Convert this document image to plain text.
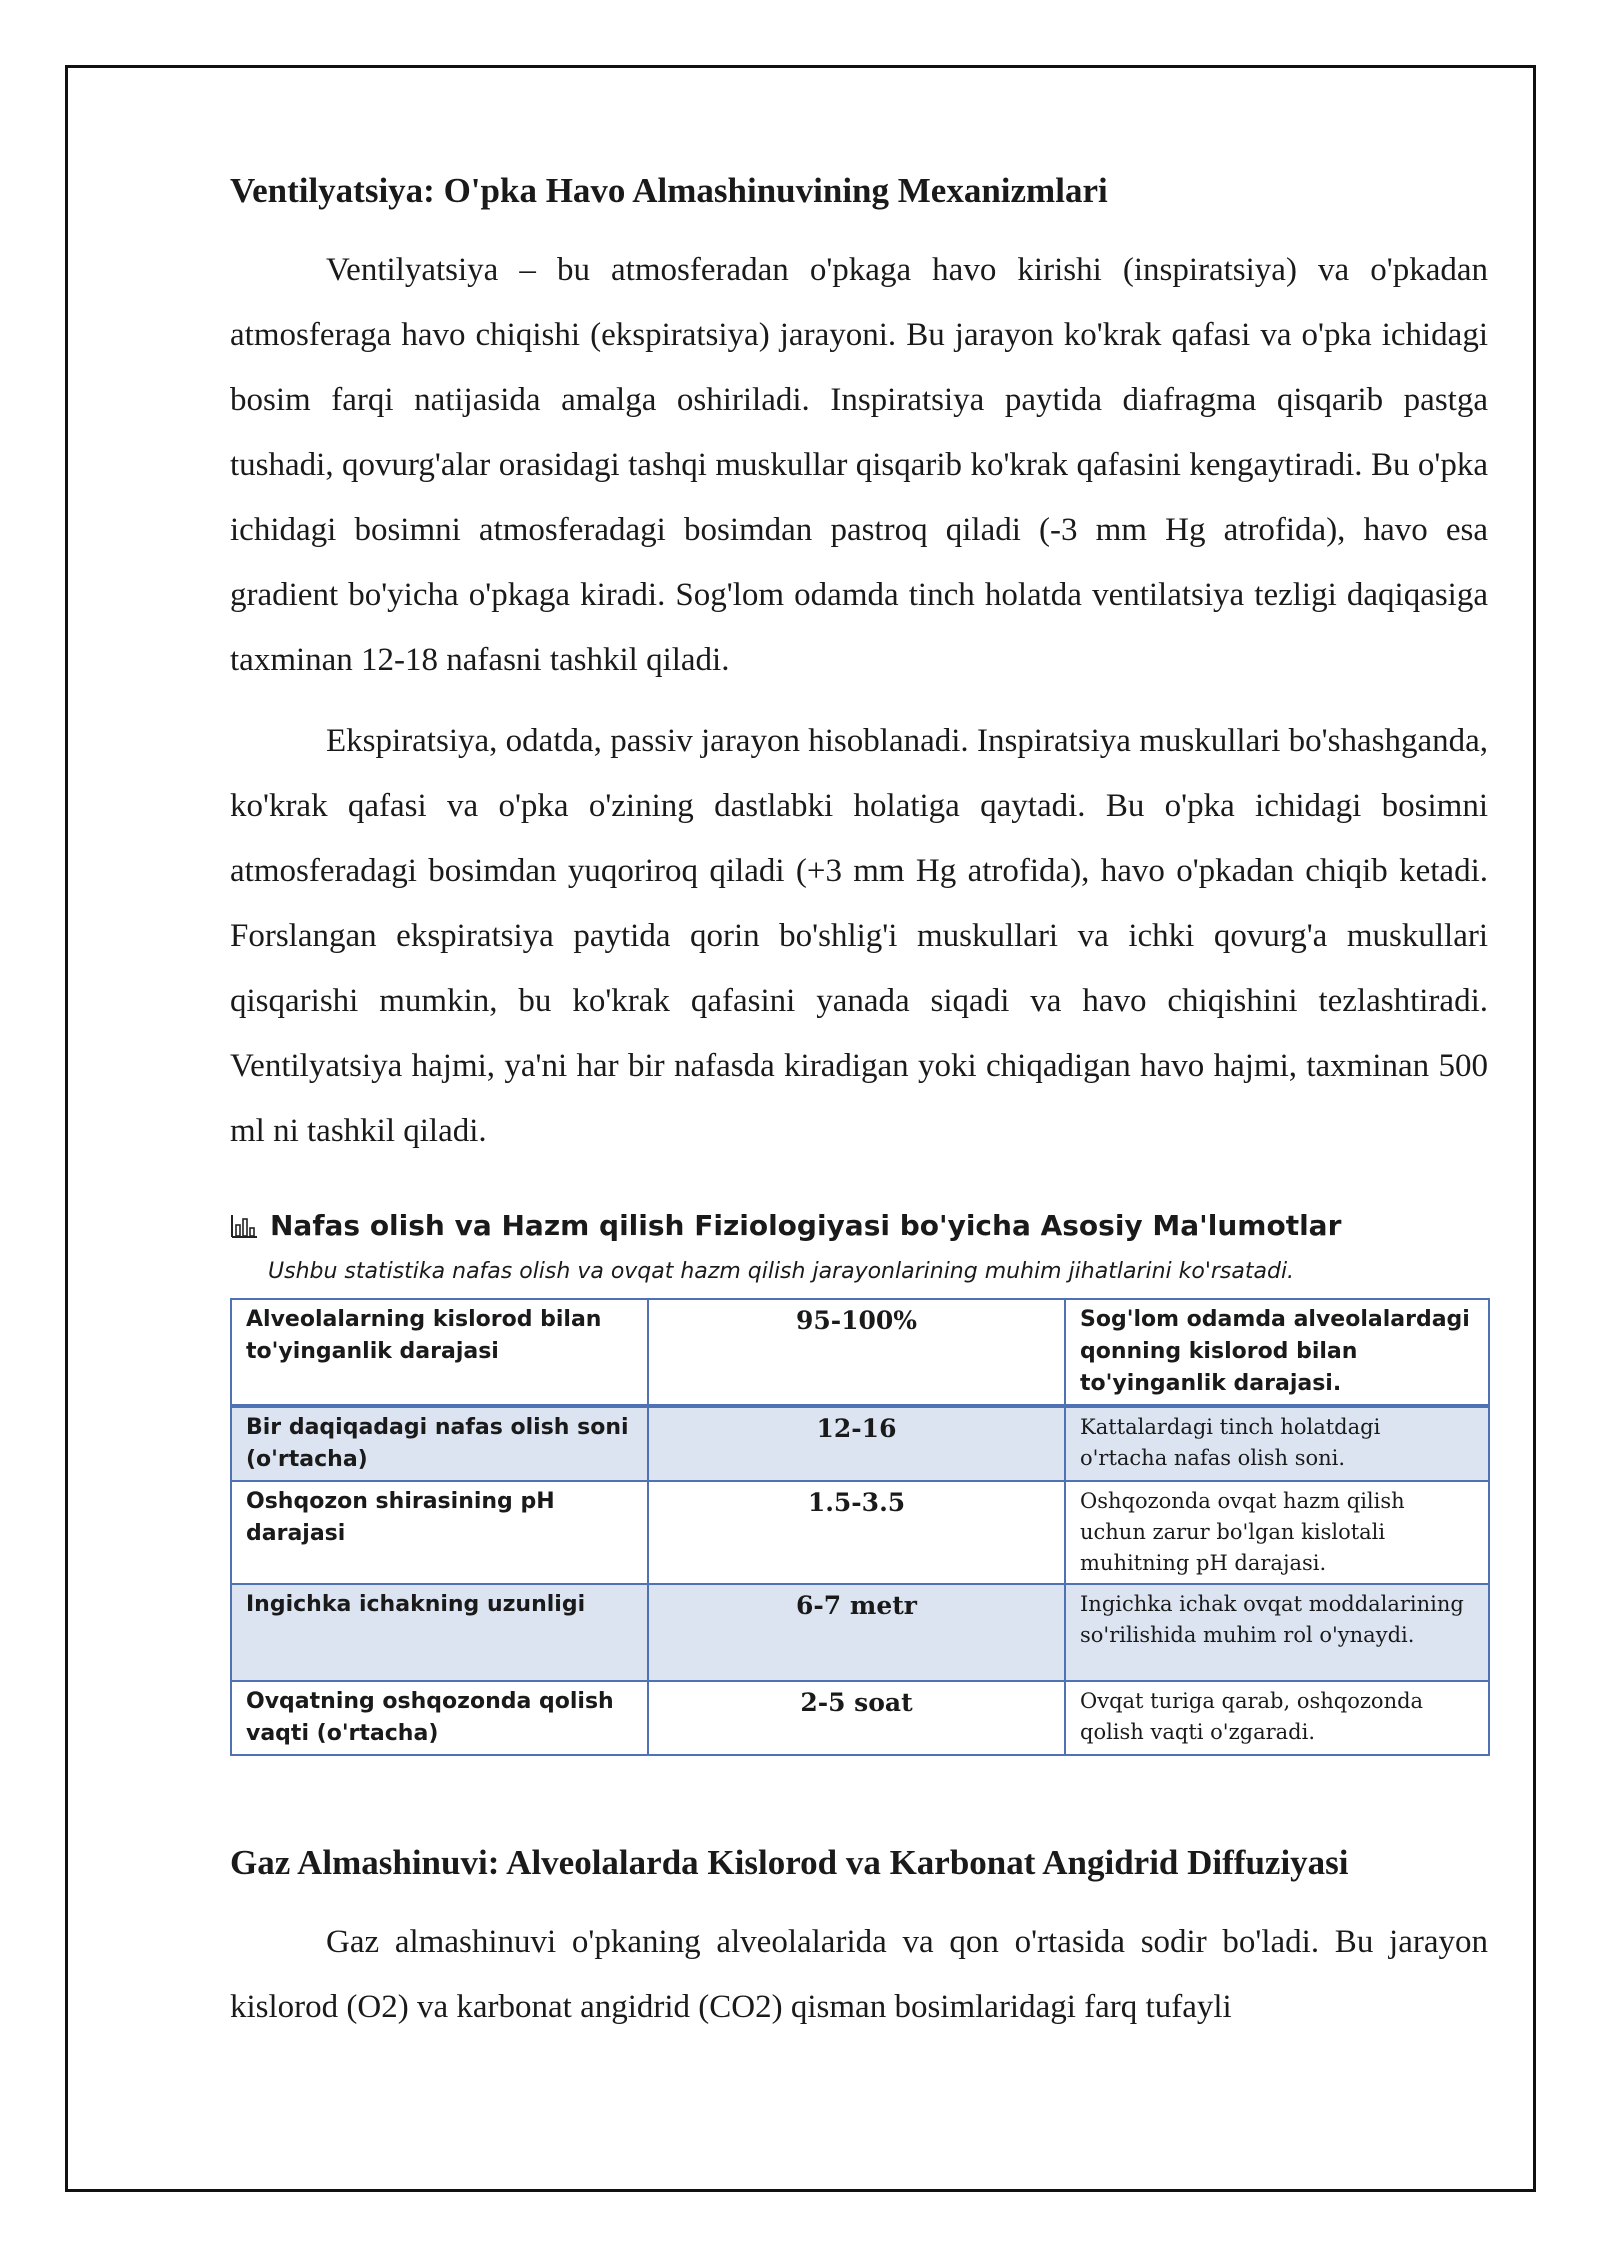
Ventilyatsiya: O'pka Havo Almashinuvining Mexanizmlari

Ventilyatsiya – bu atmosferadan o'pkaga havo kirishi (inspiratsiya) va o'pkadan atmosferaga havo chiqishi (ekspiratsiya) jarayoni. Bu jarayon ko'krak qafasi va o'pka ichidagi bosim farqi natijasida amalga oshiriladi. Inspiratsiya paytida diafragma qisqarib pastga tushadi, qovurg'alar orasidagi tashqi muskullar qisqarib ko'krak qafasini kengaytiradi. Bu o'pka ichidagi bosimni atmosferadagi bosimdan pastroq qiladi (-3 mm Hg atrofida), havo esa gradient bo'yicha o'pkaga kiradi. Sog'lom odamda tinch holatda ventilatsiya tezligi daqiqasiga taxminan 12-18 nafasni tashkil qiladi.

Ekspiratsiya, odatda, passiv jarayon hisoblanadi. Inspiratsiya muskullari bo'shashganda, ko'krak qafasi va o'pka o'zining dastlabki holatiga qaytadi. Bu o'pka ichidagi bosimni atmosferadagi bosimdan yuqoriroq qiladi (+3 mm Hg atrofida), havo o'pkadan chiqib ketadi. Forslangan ekspiratsiya paytida qorin bo'shlig'i muskullari va ichki qovurg'a muskullari qisqarishi mumkin, bu ko'krak qafasini yanada siqadi va havo chiqishini tezlashtiradi. Ventilyatsiya hajmi, ya'ni har bir nafasda kiradigan yoki chiqadigan havo hajmi, taxminan 500 ml ni tashkil qiladi.

Nafas olish va Hazm qilish Fiziologiyasi bo'yicha Asosiy Ma'lumotlar
Ushbu statistika nafas olish va ovqat hazm qilish jarayonlarining muhim jihatlarini ko'rsatadi.
Alveolalarning kislorod bilan to'yinganlik darajasi	95-100%	Sog'lom odamda alveolalardagi qonning kislorod bilan to'yinganlik darajasi.
Bir daqiqadagi nafas olish soni (o'rtacha)	12-16	Kattalardagi tinch holatdagi o'rtacha nafas olish soni.
Oshqozon shirasining pH darajasi	1.5-3.5	Oshqozonda ovqat hazm qilish uchun zarur bo'lgan kislotali muhitning pH darajasi.
Ingichka ichakning uzunligi	6-7 metr	Ingichka ichak ovqat moddalarining so'rilishida muhim rol o'ynaydi.
Ovqatning oshqozonda qolish vaqti (o'rtacha)	2-5 soat	Ovqat turiga qarab, oshqozonda qolish vaqti o'zgaradi.
Gaz Almashinuvi: Alveolalarda Kislorod va Karbonat Angidrid Diffuziyasi

Gaz almashinuvi o'pkaning alveolalarida va qon o'rtasida sodir bo'ladi. Bu jarayon kislorod (O2) va karbonat angidrid (CO2) qisman bosimlaridagi farq tufayli
